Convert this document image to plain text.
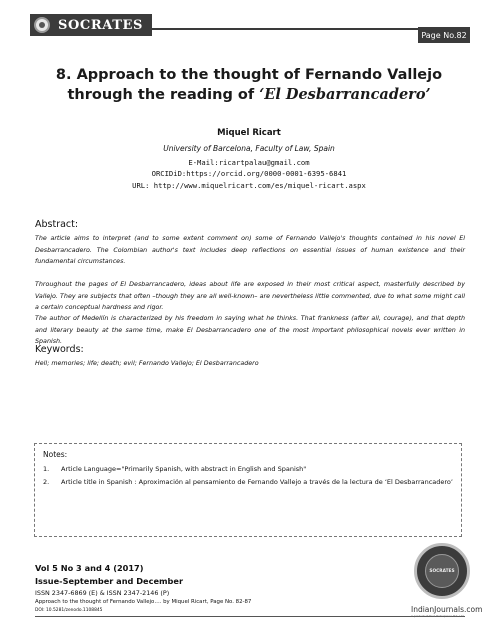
SOCRATES
Page No.82
8. Approach to the thought of Fernando Vallejo
through the reading of ‘El Desbarrancadero’
Miquel Ricart
University of Barcelona, Faculty of Law, Spain
E-Mail:ricartpalau@gmail.com
ORCIDiD:https://orcid.org/0000-0001-6395-6841
URL: http://www.miquelricart.com/es/miquel-ricart.aspx
Abstract:

The article aims to interpret (and to some extent comment on) some of Fernando Vallejo's thoughts contained in his novel El Desbarrancadero. The Colombian author's text includes deep reflections on essential issues of human existence and their fundamental circumstances.

Throughout the pages of El Desbarrancadero, ideas about life are exposed in their most critical aspect, masterfully described by Vallejo. They are subjects that often –though they are all well-known– are nevertheless little commented, due to what some might call a certain conceptual hardness and rigor.

The author of Medellín is characterized by his freedom in saying what he thinks. That frankness (after all, courage), and that depth and literary beauty at the same time, make El Desbarrancadero one of the most important philosophical novels ever written in Spanish.

Keywords:
Hell; memories; life; death; evil; Fernando Vallejo; El Desbarrancadero
Notes:
1.	Article Language="Primarily Spanish, with abstract in English and Spanish"
2.	Article title in Spanish : Aproximación al pensamiento de Fernando Vallejo a través de la lectura de ‘El Desbarrancadero’
Vol 5 No 3 and 4 (2017)
Issue-September and December
ISSN 2347-6869 (E) & ISSN 2347-2146 (P)
Approach to the thought of Fernando Vallejo…. by Miquel Ricart, Page No. 82-87
DOI: 10.5281/zenodo.1108845
SOCRATES
IndianJournals.com
A product of Diva Enterprises Pvt. Ltd.
